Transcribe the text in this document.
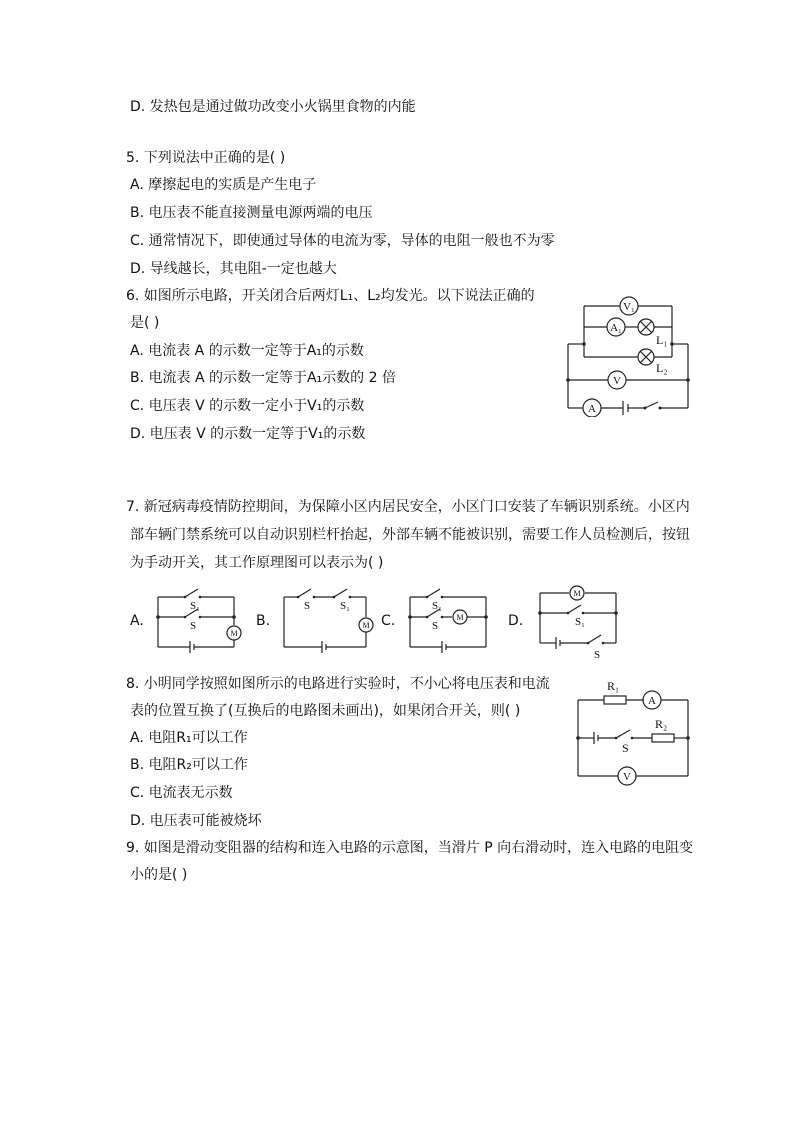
D. 发热包是通过做功改变小火锅里食物的内能
5. 下列说法中正确的是( )
A. 摩擦起电的实质是产生电子
B. 电压表不能直接测量电源两端的电压
C. 通常情况下，即使通过导体的电流为零，导体的电阻一般也不为零
D. 导线越长，其电阻-一定也越大
6. 如图所示电路，开关闭合后两灯L₁、L₂均发光。以下说法正确的
是( )
A. 电流表 A 的示数一定等于A₁的示数
B. 电流表 A 的示数一定等于A₁示数的 2 倍
C. 电压表 V 的示数一定小于V₁的示数
D. 电压表 V 的示数一定等于V₁的示数
V₁
A₁
L₁
L₂
V
A
7. 新冠病毒疫情防控期间，为保障小区内居民安全，小区门口安装了车辆识别系统。小区内
部车辆门禁系统可以自动识别栏杆抬起，外部车辆不能被识别，需要工作人员检测后，按钮
为手动开关，其工作原理图可以表示为( )
A.	B.	C.	D.
S₁
S
M
S	S₁
M
S₁
S
M
M
S₁
S
8. 小明同学按照如图所示的电路进行实验时，不小心将电压表和电流
表的位置互换了(互换后的电路图未画出)，如果闭合开关，则( )
A. 电阻R₁可以工作
B. 电阻R₂可以工作
C. 电流表无示数
D. 电压表可能被烧坏
R₁
A
R₂
S
V
9. 如图是滑动变阻器的结构和连入电路的示意图，当滑片 P 向右滑动时，连入电路的电阻变
小的是( )
